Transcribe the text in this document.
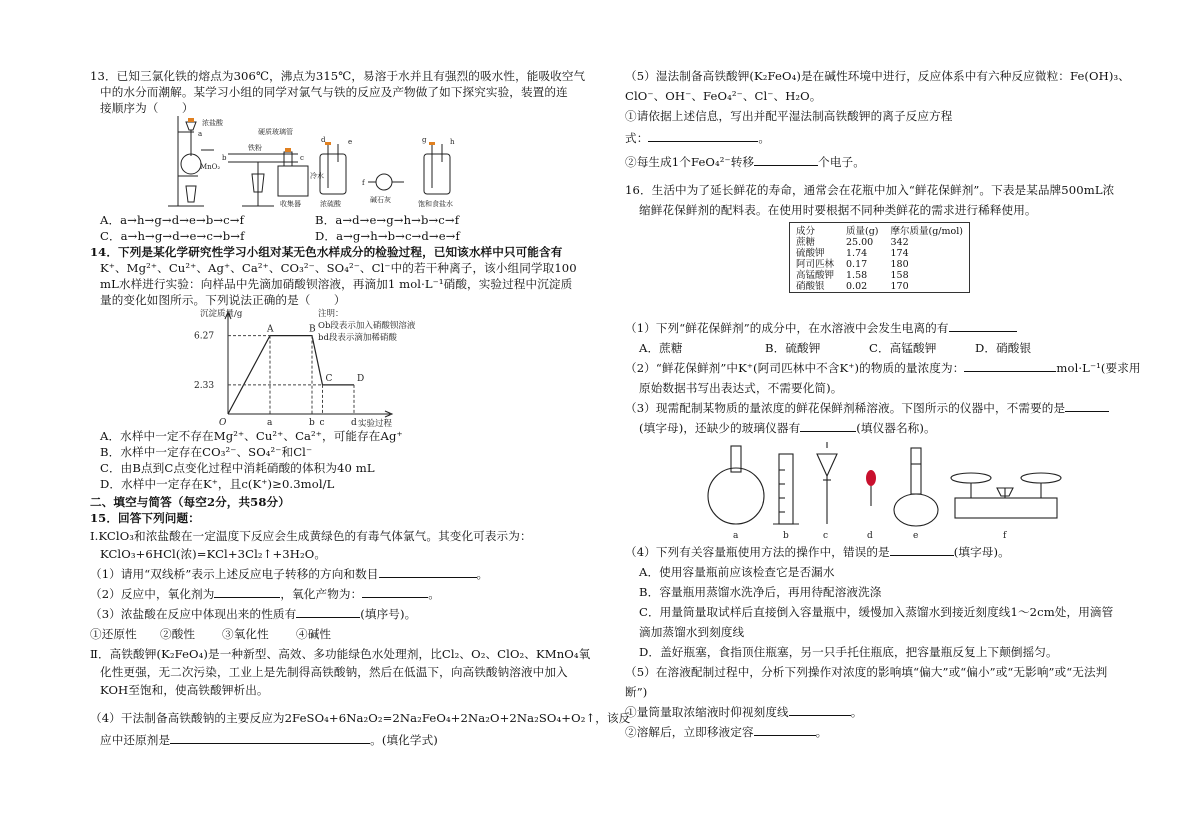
13．已知三氯化铁的熔点为306℃，沸点为315℃，易溶于水并且有强烈的吸水性，能吸收空气
中的水分而潮解。某学习小组的同学对氯气与铁的反应及产物做了如下探究实验，装置的连
接顺序为（　　）
浓盐酸
a
MnO₂
b	c
铁粉
硬质玻璃管
d	e
冷水
收集器	浓硫酸
f
碱石灰
g	h
饱和食盐水
A．a→h→g→d→e→b→c→f	B．a→d→e→g→h→b→c→f
C．a→h→g→d→e→c→b→f	D．a→g→h→b→c→d→e→f
14．下列是某化学研究性学习小组对某无色水样成分的检验过程，已知该水样中只可能含有
K⁺、Mg²⁺、Cu²⁺、Ag⁺、Ca²⁺、CO₃²⁻、SO₄²⁻、Cl⁻中的若干种离子，该小组同学取100
mL水样进行实验：向样品中先滴加硝酸钡溶液，再滴加1 mol·L⁻¹硝酸，实验过程中沉淀质
量的变化如图所示。下列说法正确的是（　　）
沉淀质量/g
实验过程
注明：
Ob段表示加入硝酸钡溶液
bd段表示滴加稀硝酸
A	B
C	D
O	a	b c	d
6.27
2.33
A．水样中一定不存在Mg²⁺、Cu²⁺、Ca²⁺，可能存在Ag⁺
B．水样中一定存在CO₃²⁻、SO₄²⁻和Cl⁻
C．由B点到C点变化过程中消耗硝酸的体积为40 mL
D．水样中一定存在K⁺，且c(K⁺)≥0.3mol/L
二、填空与简答（每空2分，共58分）
15．回答下列问题：
Ⅰ.KClO₃和浓盐酸在一定温度下反应会生成黄绿色的有毒气体氯气。其变化可表示为：
KClO₃+6HCl(浓)=KCl+3Cl₂↑+3H₂O。
（1）请用“双线桥”表示上述反应电子转移的方向和数目	。
（2）反应中，氧化剂为	，氧化产物为：	。
（3）浓盐酸在反应中体现出来的性质有	(填序号)。
①还原性 ②酸性 ③氧化性 ④碱性
Ⅱ．高铁酸钾(K₂FeO₄)是一种新型、高效、多功能绿色水处理剂，比Cl₂、O₂、ClO₂、KMnO₄氧
化性更强，无二次污染，工业上是先制得高铁酸钠，然后在低温下，向高铁酸钠溶液中加入
KOH至饱和，使高铁酸钾析出。
（4）干法制备高铁酸钠的主要反应为2FeSO₄+6Na₂O₂=2Na₂FeO₄+2Na₂O+2Na₂SO₄+O₂↑，该反
应中还原剂是	。(填化学式)
（5）湿法制备高铁酸钾(K₂FeO₄)是在碱性环境中进行，反应体系中有六种反应微粒：Fe(OH)₃、
ClO⁻、OH⁻、FeO₄²⁻、Cl⁻、H₂O。
①请依据上述信息，写出并配平湿法制高铁酸钾的离子反应方程
式：	。
②每生成1个FeO₄²⁻转移	个电子。
16．生活中为了延长鲜花的寿命，通常会在花瓶中加入“鲜花保鲜剂”。下表是某品牌500mL浓
缩鲜花保鲜剂的配料表。在使用时要根据不同种类鲜花的需求进行稀释使用。
成分	质量(g)	摩尔质量(g/mol)
蔗糖	25.00	342
硫酸钾	1.74	174
阿司匹林	0.17	180
高锰酸钾	1.58	158
硝酸银	0.02	170
（1）下列“鲜花保鲜剂”的成分中，在水溶液中会发生电离的有
A．蔗糖	B．硫酸钾	C．高锰酸钾	D．硝酸银
（2）“鲜花保鲜剂”中K⁺(阿司匹林中不含K⁺)的物质的量浓度为：	mol·L⁻¹(要求用
原始数据书写出表达式，不需要化简)。
（3）现需配制某物质的量浓度的鲜花保鲜剂稀溶液。下图所示的仪器中，不需要的是
(填字母)，还缺少的玻璃仪器有	(填仪器名称)。
a	b	c	d	e	f
（4）下列有关容量瓶使用方法的操作中，错误的是	(填字母)。
A．使用容量瓶前应该检查它是否漏水
B．容量瓶用蒸馏水洗净后，再用待配溶液洗涤
C．用量筒量取试样后直接倒入容量瓶中，缓慢加入蒸馏水到接近刻度线1～2cm处，用滴管
滴加蒸馏水到刻度线
D．盖好瓶塞，食指顶住瓶塞，另一只手托住瓶底，把容量瓶反复上下颠倒摇匀。
（5）在溶液配制过程中，分析下列操作对浓度的影响填“偏大”或“偏小”或“无影响”或“无法判
断”)
①量筒量取浓缩液时仰视刻度线	。
②溶解后，立即移液定容	。
